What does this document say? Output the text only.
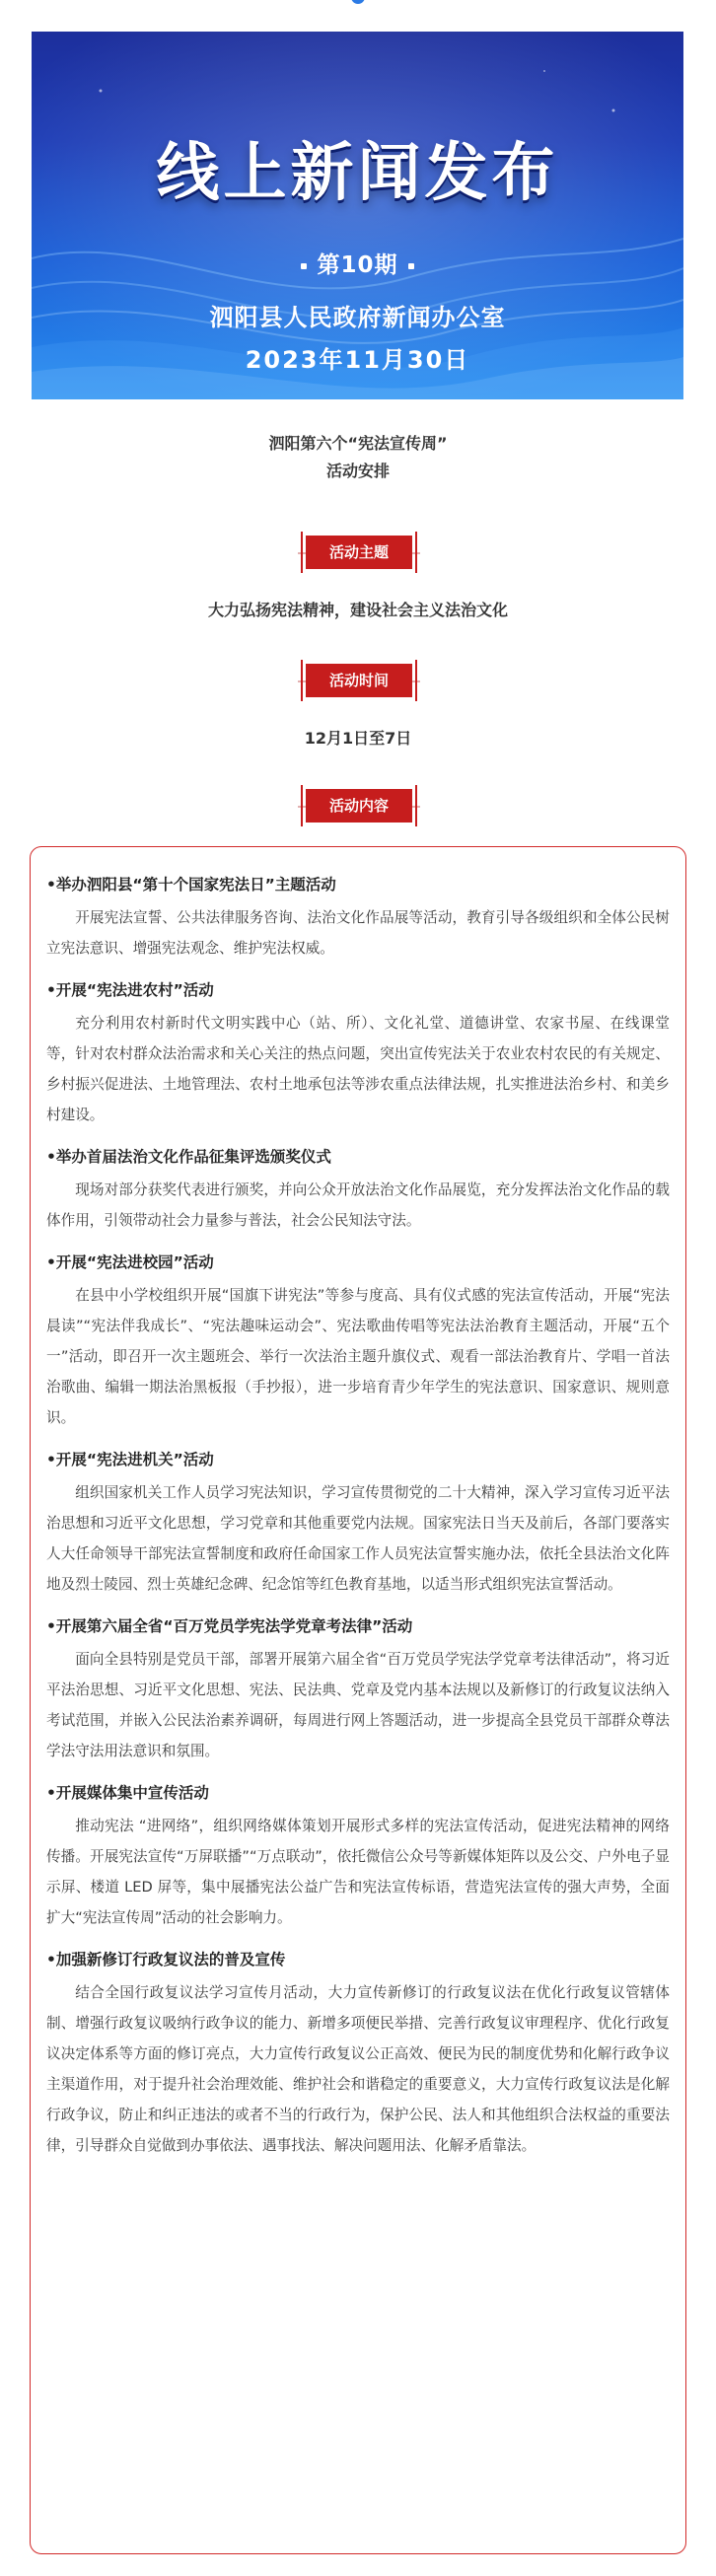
线上新闻发布
第10期
泗阳县人民政府新闻办公室
2023年11月30日
泗阳第六个“宪法宣传周”
活动安排
活动主题
大力弘扬宪法精神，建设社会主义法治文化
活动时间
12月1日至7日
活动内容
•举办泗阳县“第十个国家宪法日”主题活动
开展宪法宣誓、公共法律服务咨询、法治文化作品展等活动，教育引导各级组织和全体公民树立宪法意识、增强宪法观念、维护宪法权威。
•开展“宪法进农村”活动
充分利用农村新时代文明实践中心（站、所）、文化礼堂、道德讲堂、农家书屋、在线课堂等，针对农村群众法治需求和关心关注的热点问题，突出宣传宪法关于农业农村农民的有关规定、乡村振兴促进法、土地管理法、农村土地承包法等涉农重点法律法规，扎实推进法治乡村、和美乡村建设。
•举办首届法治文化作品征集评选颁奖仪式
现场对部分获奖代表进行颁奖，并向公众开放法治文化作品展览，充分发挥法治文化作品的载体作用，引领带动社会力量参与普法，社会公民知法守法。
•开展“宪法进校园”活动
在县中小学校组织开展“国旗下讲宪法”等参与度高、具有仪式感的宪法宣传活动，开展“宪法晨读”“宪法伴我成长”、“宪法趣味运动会”、宪法歌曲传唱等宪法法治教育主题活动，开展“五个一”活动，即召开一次主题班会、举行一次法治主题升旗仪式、观看一部法治教育片、学唱一首法治歌曲、编辑一期法治黑板报（手抄报），进一步培育青少年学生的宪法意识、国家意识、规则意识。
•开展“宪法进机关”活动
组织国家机关工作人员学习宪法知识，学习宣传贯彻党的二十大精神，深入学习宣传习近平法治思想和习近平文化思想，学习党章和其他重要党内法规。国家宪法日当天及前后，各部门要落实人大任命领导干部宪法宣誓制度和政府任命国家工作人员宪法宣誓实施办法，依托全县法治文化阵地及烈士陵园、烈士英雄纪念碑、纪念馆等红色教育基地，以适当形式组织宪法宣誓活动。
•开展第六届全省“百万党员学宪法学党章考法律”活动
面向全县特别是党员干部，部署开展第六届全省“百万党员学宪法学党章考法律活动”，将习近平法治思想、习近平文化思想、宪法、民法典、党章及党内基本法规以及新修订的行政复议法纳入考试范围，并嵌入公民法治素养调研，每周进行网上答题活动，进一步提高全县党员干部群众尊法学法守法用法意识和氛围。
•开展媒体集中宣传活动
推动宪法 “进网络”，组织网络媒体策划开展形式多样的宪法宣传活动，促进宪法精神的网络传播。开展宪法宣传“万屏联播”“万点联动”，依托微信公众号等新媒体矩阵以及公交、户外电子显示屏、楼道 LED 屏等，集中展播宪法公益广告和宪法宣传标语，营造宪法宣传的强大声势，全面扩大“宪法宣传周”活动的社会影响力。
•加强新修订行政复议法的普及宣传
结合全国行政复议法学习宣传月活动，大力宣传新修订的行政复议法在优化行政复议管辖体制、增强行政复议吸纳行政争议的能力、新增多项便民举措、完善行政复议审理程序、优化行政复议决定体系等方面的修订亮点，大力宣传行政复议公正高效、便民为民的制度优势和化解行政争议主渠道作用，对于提升社会治理效能、维护社会和谐稳定的重要意义，大力宣传行政复议法是化解行政争议，防止和纠正违法的或者不当的行政行为，保护公民、法人和其他组织合法权益的重要法律，引导群众自觉做到办事依法、遇事找法、解决问题用法、化解矛盾靠法。
